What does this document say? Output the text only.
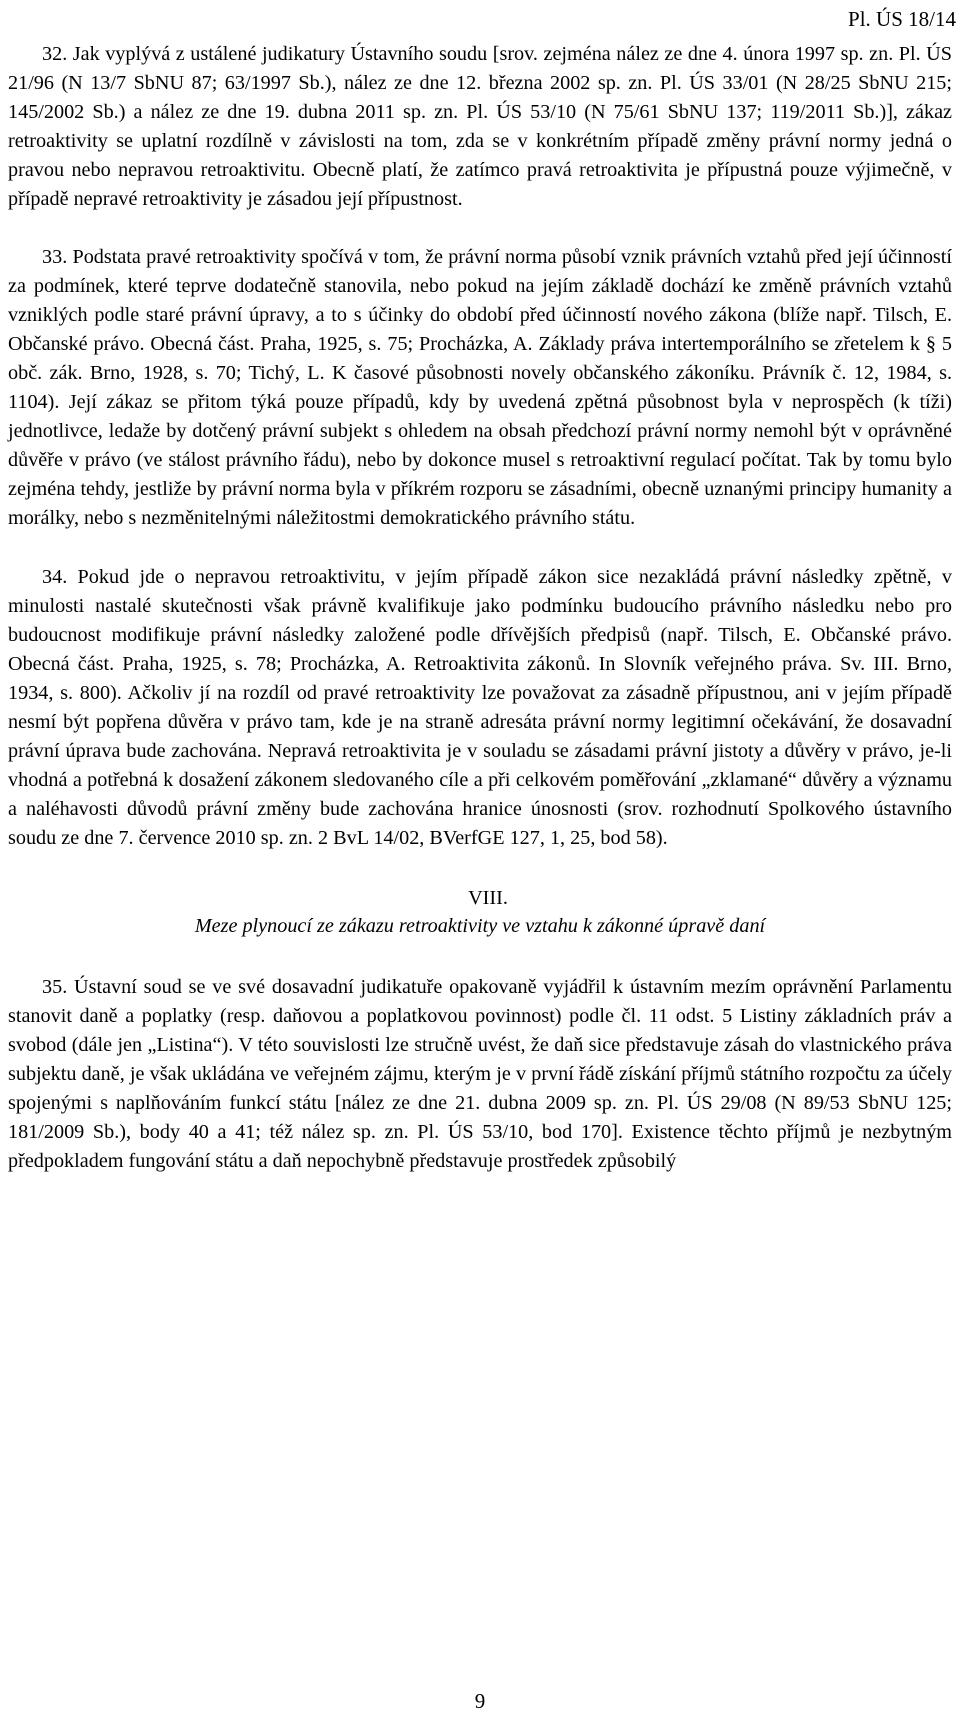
Pl. ÚS 18/14

32. Jak vyplývá z ustálené judikatury Ústavního soudu [srov. zejména nález ze dne 4. února 1997 sp. zn. Pl. ÚS 21/96 (N 13/7 SbNU 87; 63/1997 Sb.), nález ze dne 12. března 2002 sp. zn. Pl. ÚS 33/01 (N 28/25 SbNU 215; 145/2002 Sb.) a nález ze dne 19. dubna 2011 sp. zn. Pl. ÚS 53/10 (N 75/61 SbNU 137; 119/2011 Sb.)], zákaz retroaktivity se uplatní rozdílně v závislosti na tom, zda se v konkrétním případě změny právní normy jedná o pravou nebo nepravou retroaktivitu. Obecně platí, že zatímco pravá retroaktivita je přípustná pouze výjimečně, v případě nepravé retroaktivity je zásadou její přípustnost.

33. Podstata pravé retroaktivity spočívá v tom, že právní norma působí vznik právních vztahů před její účinností za podmínek, které teprve dodatečně stanovila, nebo pokud na jejím základě dochází ke změně právních vztahů vzniklých podle staré právní úpravy, a to s účinky do období před účinností nového zákona (blíže např. Tilsch, E. Občanské právo. Obecná část. Praha, 1925, s. 75; Procházka, A. Základy práva intertemporálního se zřetelem k § 5 obč. zák. Brno, 1928, s. 70; Tichý, L. K časové působnosti novely občanského zákoníku. Právník č. 12, 1984, s. 1104). Její zákaz se přitom týká pouze případů, kdy by uvedená zpětná působnost byla v neprospěch (k tíži) jednotlivce, ledaže by dotčený právní subjekt s ohledem na obsah předchozí právní normy nemohl být v oprávněné důvěře v právo (ve stálost právního řádu), nebo by dokonce musel s retroaktivní regulací počítat. Tak by tomu bylo zejména tehdy, jestliže by právní norma byla v příkrém rozporu se zásadními, obecně uznanými principy humanity a morálky, nebo s nezměnitelnými náležitostmi demokratického právního státu.

34. Pokud jde o nepravou retroaktivitu, v jejím případě zákon sice nezakládá právní následky zpětně, v minulosti nastalé skutečnosti však právně kvalifikuje jako podmínku budoucího právního následku nebo pro budoucnost modifikuje právní následky založené podle dřívějších předpisů (např. Tilsch, E. Občanské právo. Obecná část. Praha, 1925, s. 78; Procházka, A. Retroaktivita zákonů. In Slovník veřejného práva. Sv. III. Brno, 1934, s. 800). Ačkoliv jí na rozdíl od pravé retroaktivity lze považovat za zásadně přípustnou, ani v jejím případě nesmí být popřena důvěra v právo tam, kde je na straně adresáta právní normy legitimní očekávání, že dosavadní právní úprava bude zachována. Nepravá retroaktivita je v souladu se zásadami právní jistoty a důvěry v právo, je-li vhodná a potřebná k dosažení zákonem sledovaného cíle a při celkovém poměřování „zklamané“ důvěry a významu a naléhavosti důvodů právní změny bude zachována hranice únosnosti (srov. rozhodnutí Spolkového ústavního soudu ze dne 7. července 2010 sp. zn. 2 BvL 14/02, BVerfGE 127, 1, 25, bod 58).

VIII.
Meze plynoucí ze zákazu retroaktivity ve vztahu k zákonné úpravě daní

35. Ústavní soud se ve své dosavadní judikatuře opakovaně vyjádřil k ústavním mezím oprávnění Parlamentu stanovit daně a poplatky (resp. daňovou a poplatkovou povinnost) podle čl. 11 odst. 5 Listiny základních práv a svobod (dále jen „Listina“). V této souvislosti lze stručně uvést, že daň sice představuje zásah do vlastnického práva subjektu daně, je však ukládána ve veřejném zájmu, kterým je v první řádě získání příjmů státního rozpočtu za účely spojenými s naplňováním funkcí státu [nález ze dne 21. dubna 2009 sp. zn. Pl. ÚS 29/08 (N 89/53 SbNU 125; 181/2009 Sb.), body 40 a 41; též nález sp. zn. Pl. ÚS 53/10, bod 170]. Existence těchto příjmů je nezbytným předpokladem fungování státu a daň nepochybně představuje prostředek způsobilý

9
